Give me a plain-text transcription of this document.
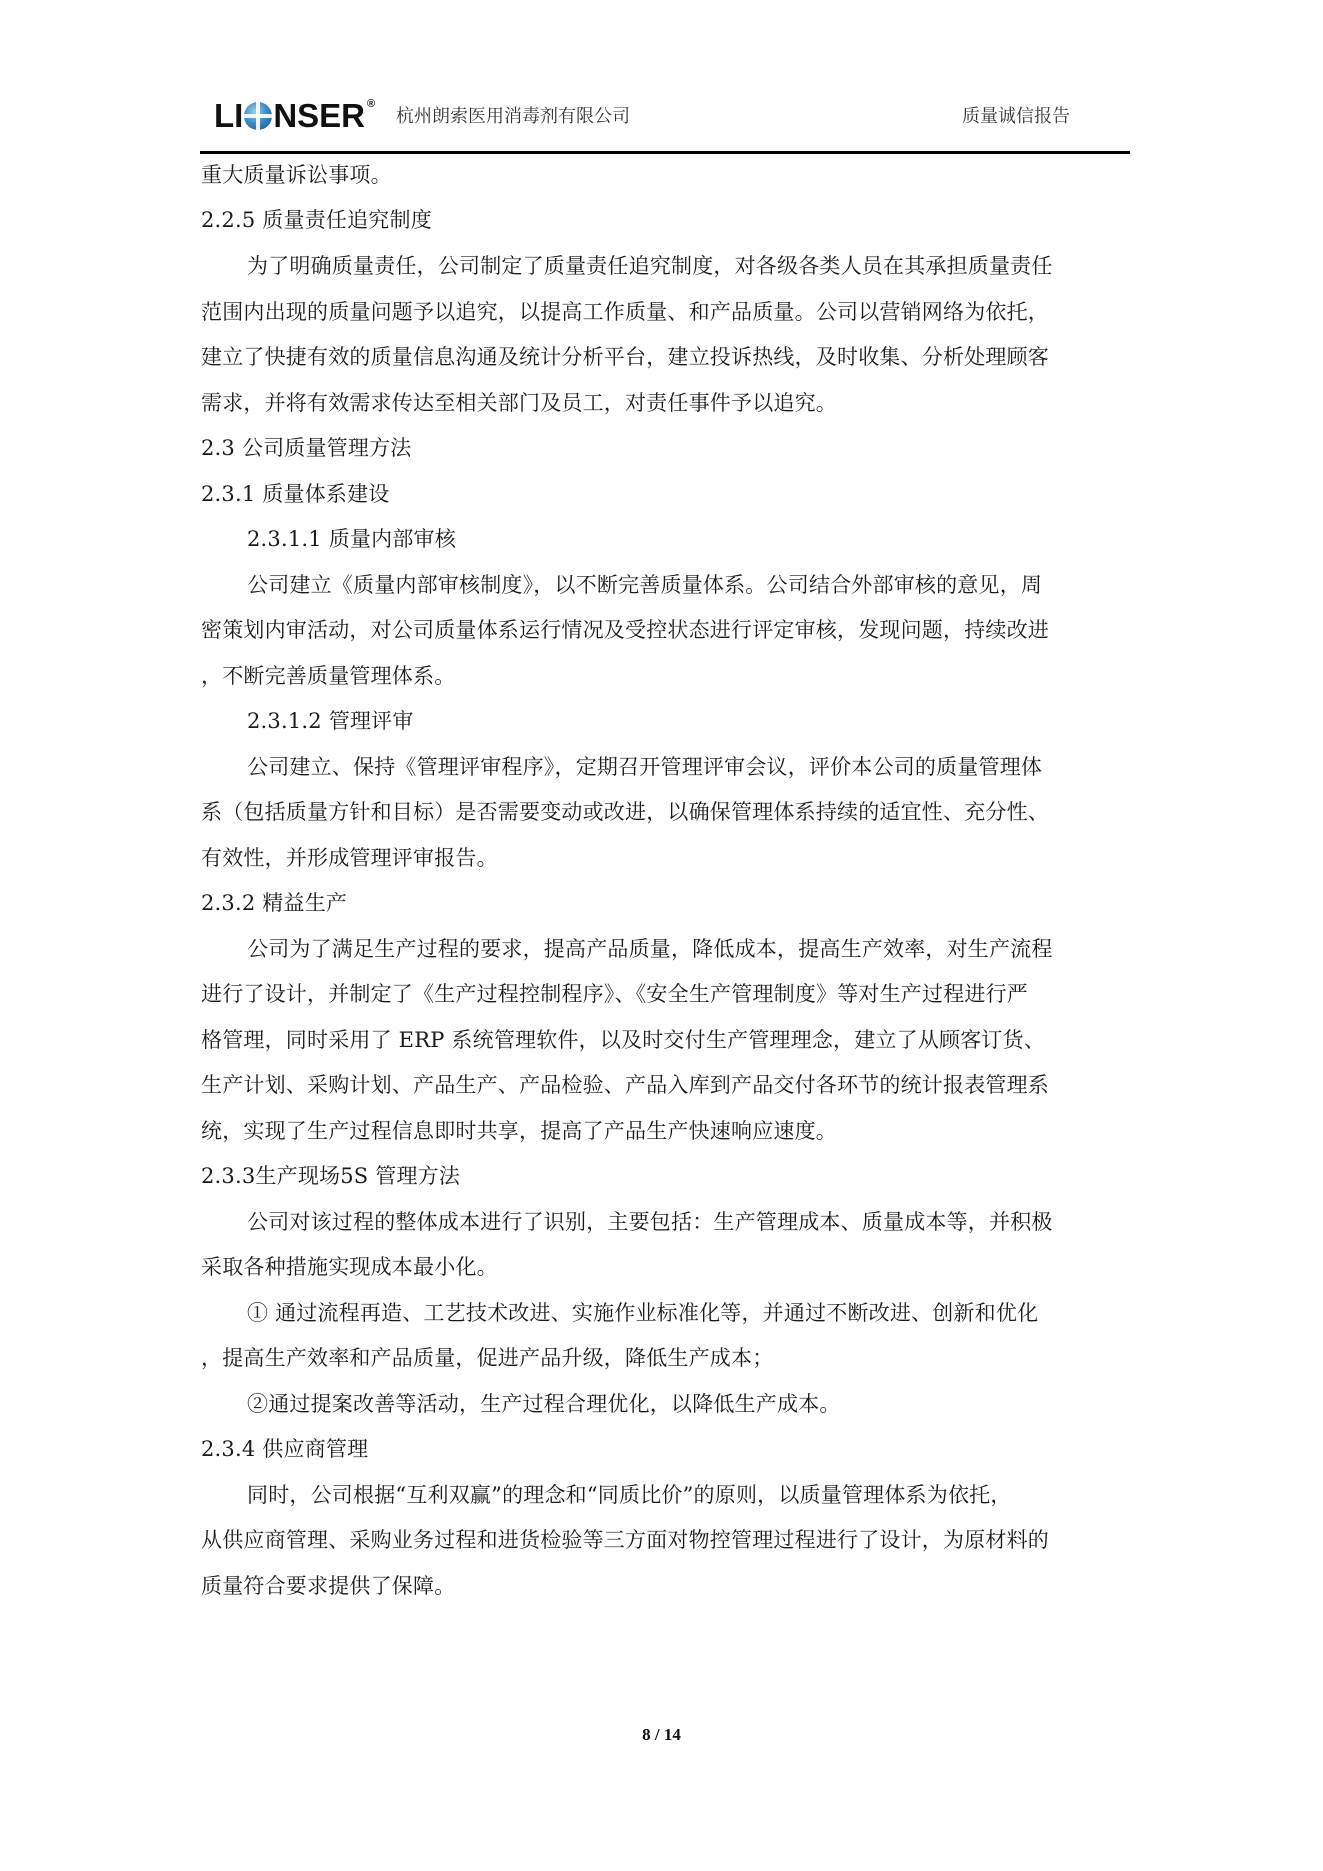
LI NSER ®
杭州朗索医用消毒剂有限公司	质量诚信报告
重大质量诉讼事项。
2.2.5 质量责任追究制度
为了明确质量责任，公司制定了质量责任追究制度，对各级各类人员在其承担质量责任
范围内出现的质量问题予以追究，以提高工作质量、和产品质量。公司以营销网络为依托，
建立了快捷有效的质量信息沟通及统计分析平台，建立投诉热线，及时收集、分析处理顾客
需求，并将有效需求传达至相关部门及员工，对责任事件予以追究。
2.3 公司质量管理方法
2.3.1 质量体系建设
2.3.1.1 质量内部审核
公司建立《质量内部审核制度》，以不断完善质量体系。公司结合外部审核的意见，周
密策划内审活动，对公司质量体系运行情况及受控状态进行评定审核，发现问题，持续改进
，不断完善质量管理体系。
2.3.1.2 管理评审
公司建立、保持《管理评审程序》，定期召开管理评审会议，评价本公司的质量管理体
系（包括质量方针和目标）是否需要变动或改进，以确保管理体系持续的适宜性、充分性、
有效性，并形成管理评审报告。
2.3.2 精益生产
公司为了满足生产过程的要求，提高产品质量，降低成本，提高生产效率，对生产流程
进行了设计，并制定了《生产过程控制程序》、《安全生产管理制度》等对生产过程进行严
格管理，同时采用了 ERP 系统管理软件，以及时交付生产管理理念，建立了从顾客订货、
生产计划、采购计划、产品生产、产品检验、产品入库到产品交付各环节的统计报表管理系
统，实现了生产过程信息即时共享，提高了产品生产快速响应速度。
2.3.3生产现场5S 管理方法
公司对该过程的整体成本进行了识别，主要包括：生产管理成本、质量成本等，并积极
采取各种措施实现成本最小化。
① 通过流程再造、工艺技术改进、实施作业标准化等，并通过不断改进、创新和优化
，提高生产效率和产品质量，促进产品升级，降低生产成本；
②通过提案改善等活动，生产过程合理优化，以降低生产成本。
2.3.4 供应商管理
同时，公司根据“互利双赢”的理念和“同质比价”的原则，以质量管理体系为依托，
从供应商管理、采购业务过程和进货检验等三方面对物控管理过程进行了设计，为原材料的
质量符合要求提供了保障。
8 / 14
